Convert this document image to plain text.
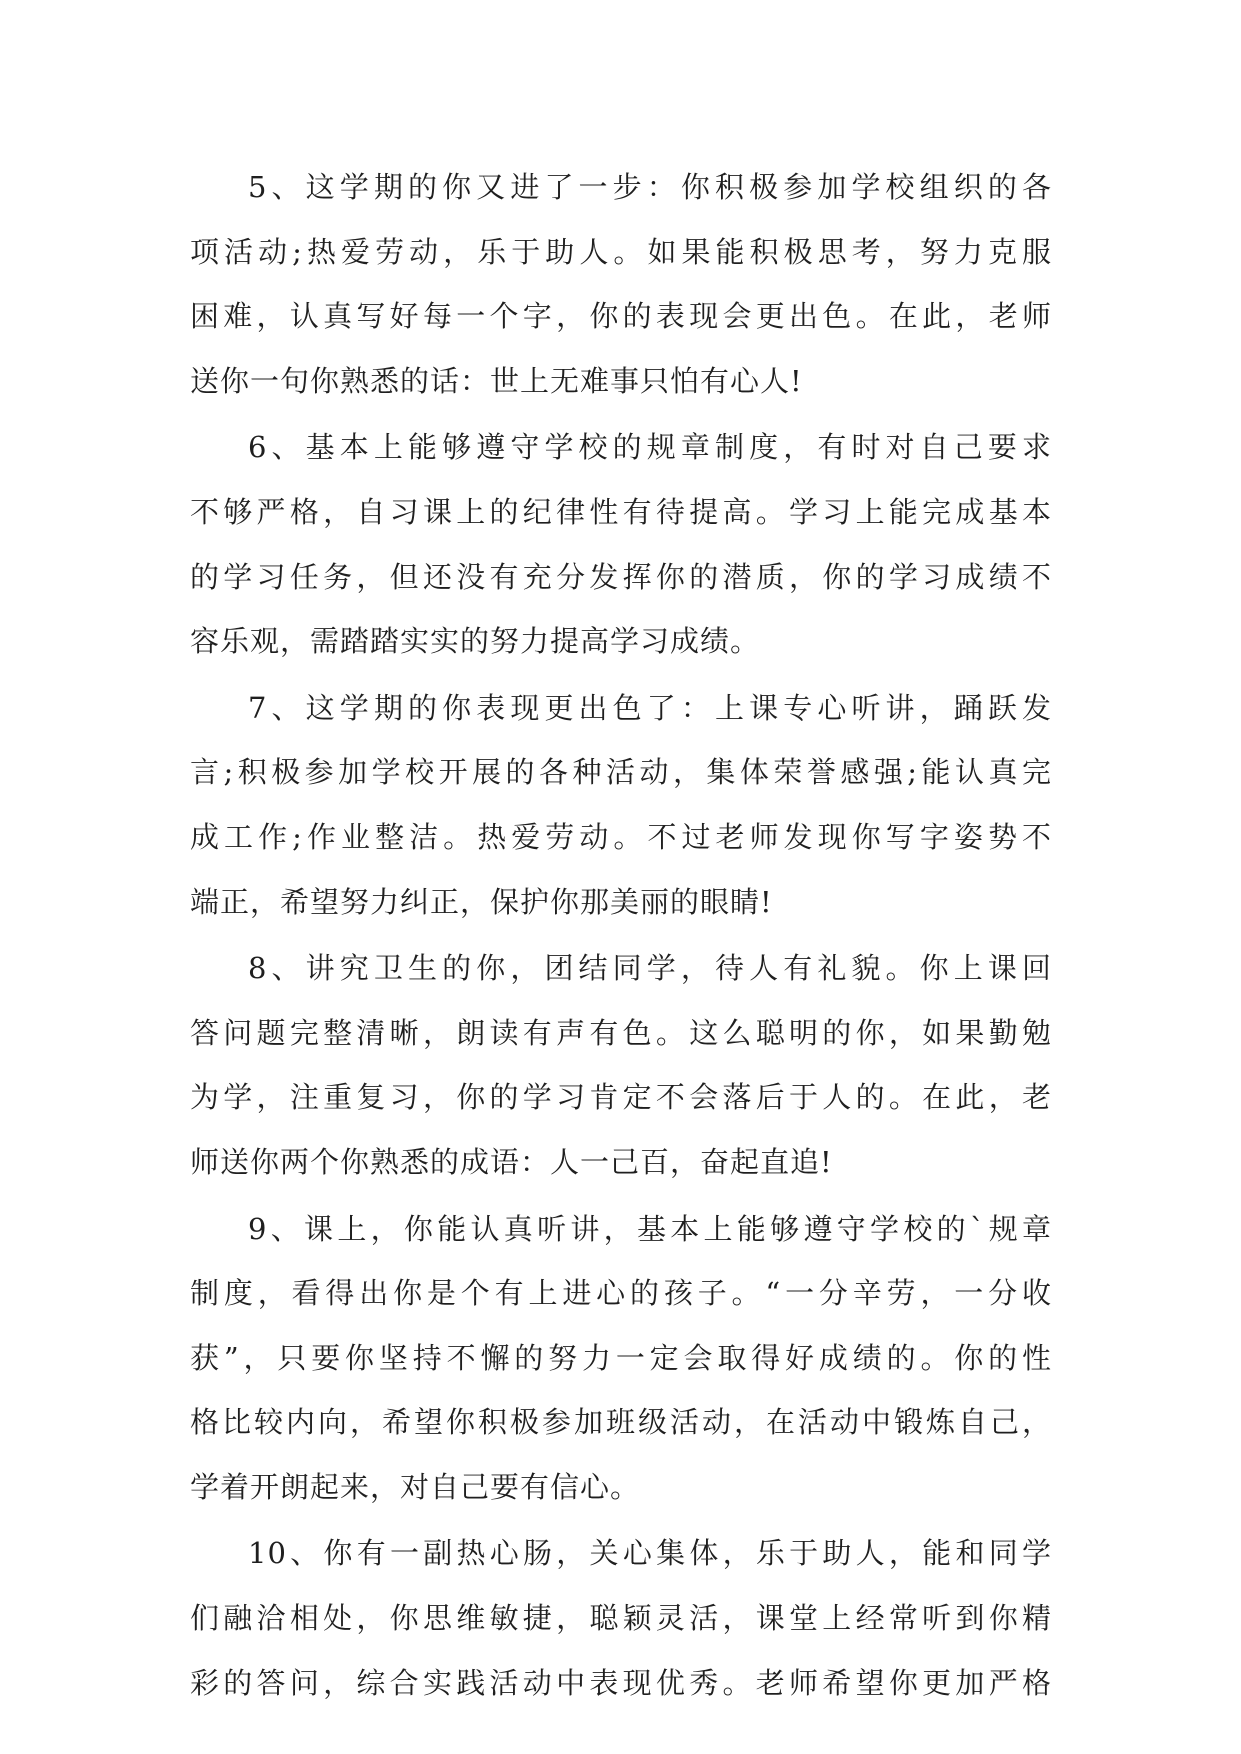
5、这学期的你又进了一步：你积极参加学校组织的各
项活动;热爱劳动，乐于助人。如果能积极思考，努力克服
困难，认真写好每一个字，你的表现会更出色。在此，老师
送你一句你熟悉的话：世上无难事只怕有心人!

6、基本上能够遵守学校的规章制度，有时对自己要求
不够严格，自习课上的纪律性有待提高。学习上能完成基本
的学习任务，但还没有充分发挥你的潜质，你的学习成绩不
容乐观，需踏踏实实的努力提高学习成绩。

7、这学期的你表现更出色了：上课专心听讲，踊跃发
言;积极参加学校开展的各种活动，集体荣誉感强;能认真完
成工作;作业整洁。热爱劳动。不过老师发现你写字姿势不
端正，希望努力纠正，保护你那美丽的眼睛!

8、讲究卫生的你，团结同学，待人有礼貌。你上课回
答问题完整清晰，朗读有声有色。这么聪明的你，如果勤勉
为学，注重复习，你的学习肯定不会落后于人的。在此，老
师送你两个你熟悉的成语：人一己百，奋起直追!

9、课上，你能认真听讲，基本上能够遵守学校的`规章
制度，看得出你是个有上进心的孩子。“一分辛劳，一分收
获”，只要你坚持不懈的努力一定会取得好成绩的。你的性
格比较内向，希望你积极参加班级活动，在活动中锻炼自己，
学着开朗起来，对自己要有信心。

10、你有一副热心肠，关心集体，乐于助人，能和同学
们融洽相处，你思维敏捷，聪颖灵活，课堂上经常听到你精
彩的答问，综合实践活动中表现优秀。老师希望你更加严格
